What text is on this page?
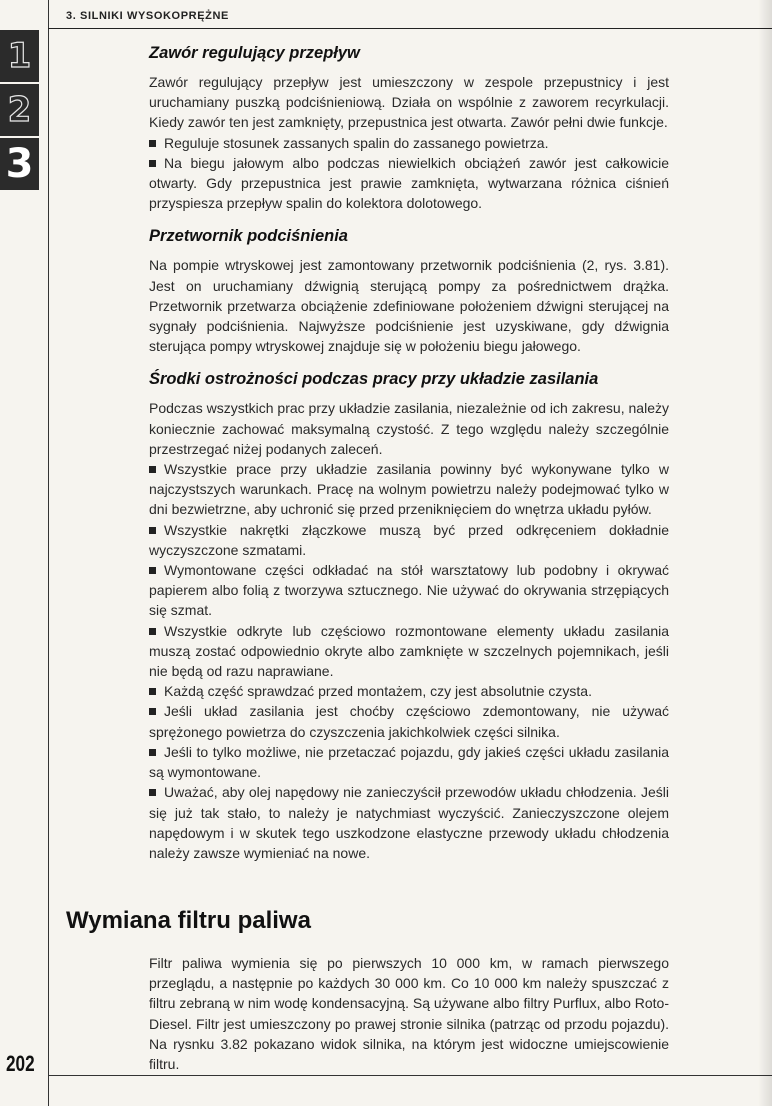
3. SILNIKI WYSOKOPRĘŻNE
1
2
3
Zawór regulujący przepływ

Zawór regulujący przepływ jest umieszczony w zespole przepustnicy i jest uruchamiany puszką podciśnieniową. Działa on wspólnie z zaworem recyrkulacji. Kiedy zawór ten jest zamknięty, przepustnica jest otwarta. Zawór pełni dwie funkcje.

Reguluje stosunek zassanych spalin do zassanego powietrza.

Na biegu jałowym albo podczas niewielkich obciążeń zawór jest całkowicie otwarty. Gdy przepustnica jest prawie zamknięta, wytwarzana różnica ciśnień przyspiesza przepływ spalin do kolektora dolotowego.

Przetwornik podciśnienia

Na pompie wtryskowej jest zamontowany przetwornik podciśnienia (2, rys. 3.81). Jest on uruchamiany dźwignią sterującą pompy za pośrednictwem drążka. Przetwornik przetwarza obciążenie zdefiniowane położeniem dźwigni sterującej na sygnały podciśnienia. Najwyższe podciśnienie jest uzyskiwane, gdy dźwignia sterująca pompy wtryskowej znajduje się w położeniu biegu jałowego.

Środki ostrożności podczas pracy przy układzie zasilania

Podczas wszystkich prac przy układzie zasilania, niezależnie od ich zakresu, należy koniecznie zachować maksymalną czystość. Z tego względu należy szczególnie przestrzegać niżej podanych zaleceń.

Wszystkie prace przy układzie zasilania powinny być wykonywane tylko w najczystszych warunkach. Pracę na wolnym powietrzu należy podejmować tylko w dni bezwietrzne, aby uchronić się przed przeniknięciem do wnętrza układu pyłów.

Wszystkie nakrętki złączkowe muszą być przed odkręceniem dokładnie wyczyszczone szmatami.

Wymontowane części odkładać na stół warsztatowy lub podobny i okrywać papierem albo folią z tworzywa sztucznego. Nie używać do okrywania strzępiących się szmat.

Wszystkie odkryte lub częściowo rozmontowane elementy układu zasilania muszą zostać odpowiednio okryte albo zamknięte w szczelnych pojemnikach, jeśli nie będą od razu naprawiane.

Każdą część sprawdzać przed montażem, czy jest absolutnie czysta.

Jeśli układ zasilania jest choćby częściowo zdemontowany, nie używać sprężonego powietrza do czyszczenia jakichkolwiek części silnika.

Jeśli to tylko możliwe, nie przetaczać pojazdu, gdy jakieś części układu zasilania są wymontowane.

Uważać, aby olej napędowy nie zanieczyścił przewodów układu chłodzenia. Jeśli się już tak stało, to należy je natychmiast wyczyścić. Zanieczyszczone olejem napędowym i w skutek tego uszkodzone elastyczne przewody układu chłodzenia należy zawsze wymieniać na nowe.

Wymiana filtru paliwa

Filtr paliwa wymienia się po pierwszych 10 000 km, w ramach pierwszego przeglądu, a następnie po każdych 30 000 km. Co 10 000 km należy spuszczać z filtru zebraną w nim wodę kondensacyjną. Są używane albo filtry Purflux, albo Roto-Diesel. Filtr jest umieszczony po prawej stronie silnika (patrząc od przodu pojazdu). Na rysnku 3.82 pokazano widok silnika, na którym jest widoczne umiejscowienie filtru.

202
